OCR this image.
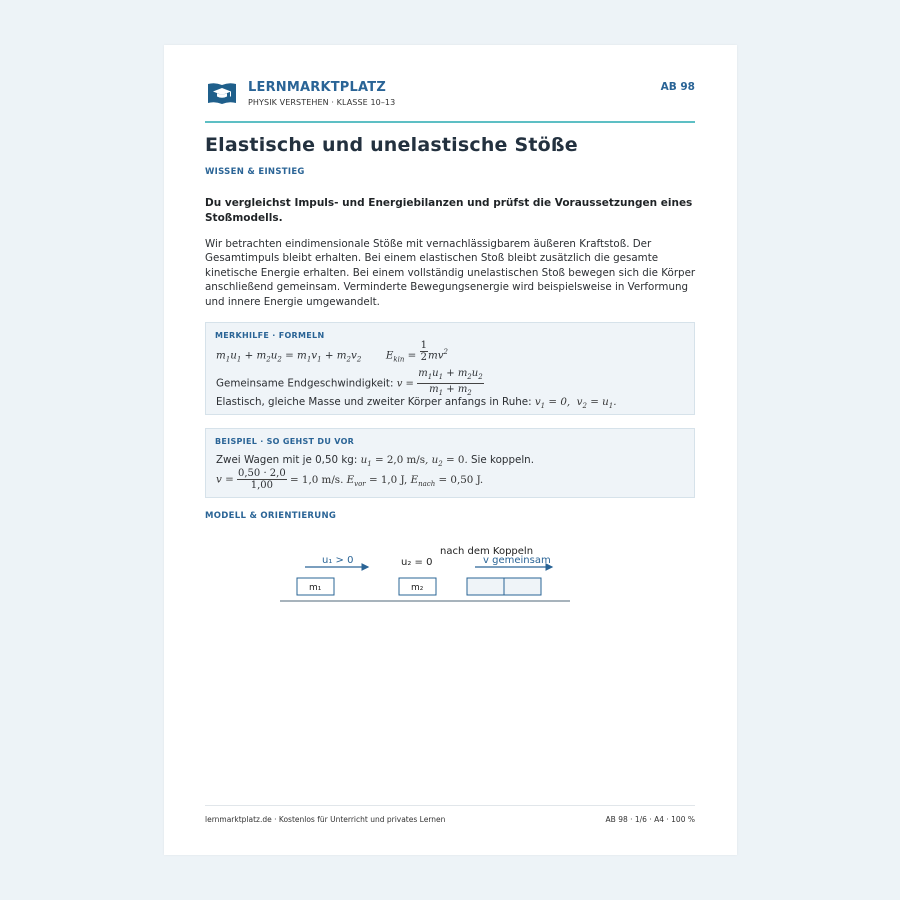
LERNMARKTPLATZ
PHYSIK VERSTEHEN · KLASSE 10–13
AB 98
Elastische und unelastische Stöße
WISSEN & EINSTIEG
Du vergleichst Impuls- und Energiebilanzen und prüfst die Voraussetzungen eines Stoßmodells.
Wir betrachten eindimensionale Stöße mit vernachlässigbarem äußeren Kraftstoß. Der Gesamtimpuls bleibt erhalten. Bei einem elastischen Stoß bleibt zusätzlich die gesamte kinetische Energie erhalten. Bei einem vollständig unelastischen Stoß bewegen sich die Körper anschließend gemeinsam. Verminderte Bewegungsenergie wird beispielsweise in Verformung und innere Energie umgewandelt.
MERKHILFE · FORMELN
$m_1u_1 + m_2u_2 = m_1v_1 + m_2v_2$  $E_{kin} = \frac{1}{2} mv^2$
Gemeinsame Endgeschwindigkeit: $v = \frac{m_1u_1 + m_2u_2}{m_1 + m_2}$
Elastisch, gleiche Masse und zweiter Körper anfangs in Ruhe: $v_1 = 0$,  $v_2 = u_1$.
BEISPIEL · SO GEHST DU VOR
Zwei Wagen mit je 0,50 kg: $u_1 = 2,0$ m/s, $u_2 = 0$. Sie koppeln.
$v = \frac{0,50 \cdot 2,0}{1,00} = 1,0$ m/s. $E_{vor} = 1,0$ J, $E_{nach} = 0,50$ J.
MODELL & ORIENTIERUNG
u₁ > 0	u₂ = 0
nach dem Koppeln
v gemeinsam
m₁	m₂
lernmarktplatz.de · Kostenlos für Unterricht und privates Lernen	AB 98 · 1/6 · A4 · 100 %
